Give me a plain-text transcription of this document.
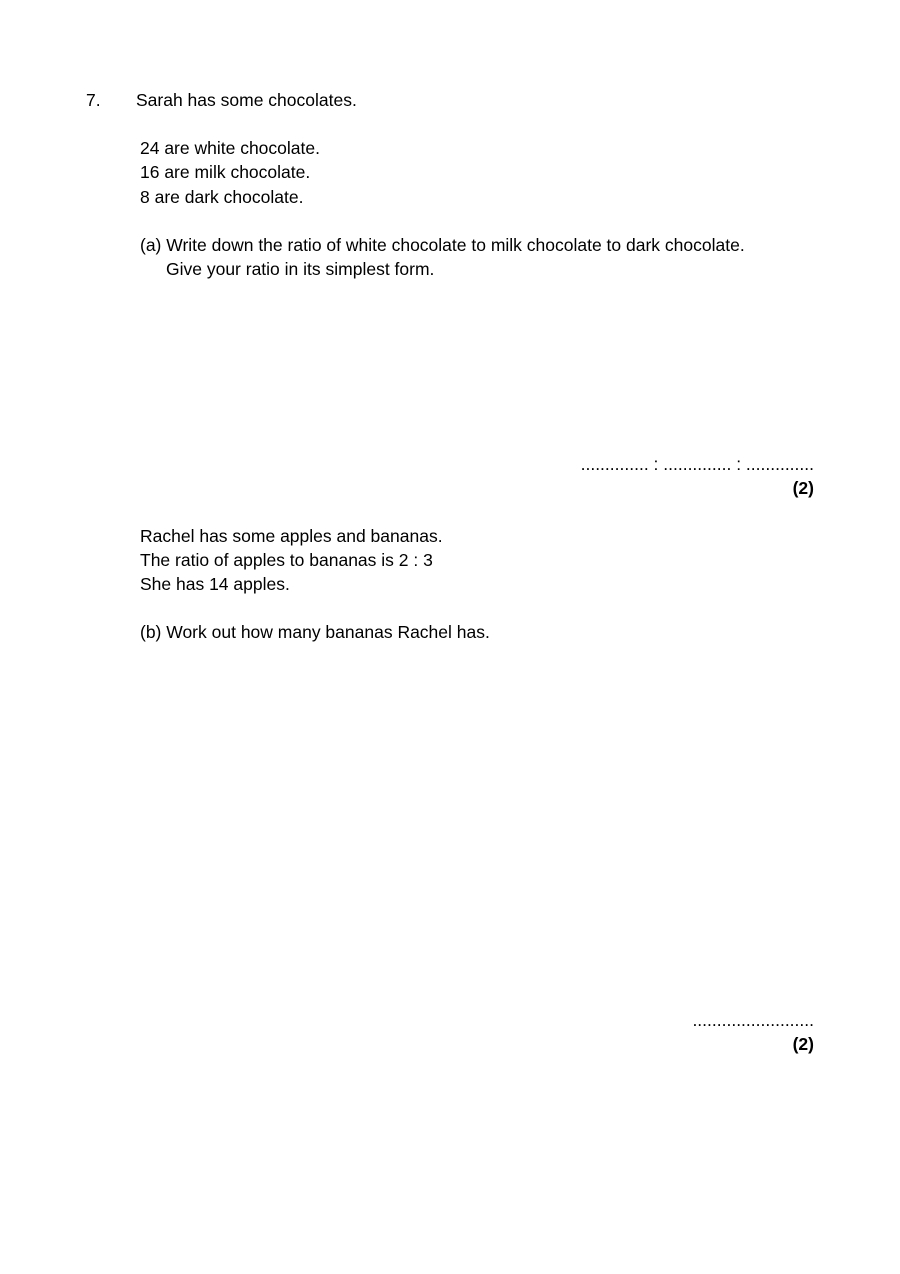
7. Sarah has some chocolates.
24 are white chocolate.
16 are milk chocolate.
8 are dark chocolate.
(a) Write down the ratio of white chocolate to milk chocolate to dark chocolate.
Give your ratio in its simplest form.
.............. : .............. : ..............
(2)
Rachel has some apples and bananas.
The ratio of apples to bananas is 2 : 3
She has 14 apples.
(b) Work out how many bananas Rachel has.
.........................
(2)
